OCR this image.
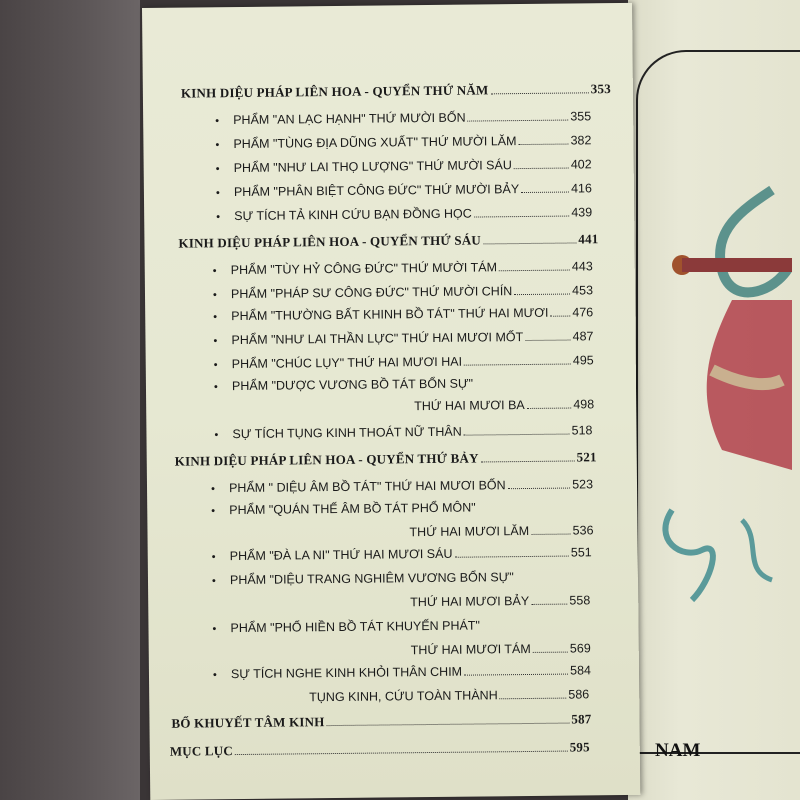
NAM
KINH DIỆU PHÁP LIÊN HOA - QUYỂN THỨ NĂM	353
•	PHẨM "AN LẠC HẠNH" THỨ MƯỜI BỐN	355
•	PHẨM "TÙNG ĐỊA DŨNG XUẤT" THỨ MƯỜI LĂM	382
•	PHẨM "NHƯ LAI THỌ LƯỢNG" THỨ MƯỜI SÁU	402
•	PHẨM "PHÂN BIỆT CÔNG ĐỨC" THỨ MƯỜI BẢY	416
•	SỰ TÍCH TẢ KINH CỨU BẠN ĐỒNG HỌC	439
KINH DIỆU PHÁP LIÊN HOA - QUYỂN THỨ SÁU	441
•	PHẨM "TÙY HỶ CÔNG ĐỨC" THỨ MƯỜI TÁM	443
•	PHẨM "PHÁP SƯ CÔNG ĐỨC" THỨ MƯỜI CHÍN	453
•	PHẨM "THƯỜNG BẤT KHINH BỒ TÁT" THỨ HAI MƯƠI 476
•	PHẨM "NHƯ LAI THẦN LỰC" THỨ HAI MƯƠI MỐT	487
•	PHẨM "CHÚC LỤY" THỨ HAI MƯƠI HAI	495
•	PHẨM "DƯỢC VƯƠNG BỒ TÁT BỔN SỰ"
THỨ HAI MƯƠI BA	498
•	SỰ TÍCH TỤNG KINH THOÁT NỮ THÂN	518
KINH DIỆU PHÁP LIÊN HOA - QUYỂN THỨ BẢY	521
•	PHẨM " DIỆU ÂM BỒ TÁT" THỨ HAI MƯƠI BỐN	523
•	PHẨM "QUÁN THẾ ÂM BỒ TÁT PHỔ MÔN"
THỨ HAI MƯƠI LĂM	536
•	PHẨM "ĐÀ LA NI" THỨ HAI MƯƠI SÁU	551
•	PHẨM "DIỆU TRANG NGHIÊM VƯƠNG BỔN SỰ"
THỨ HAI MƯƠI BẢY	558
•	PHẨM "PHỔ HIỀN BỒ TÁT KHUYẾN PHÁT"
THỨ HAI MƯƠI TÁM	569
•	SỰ TÍCH NGHE KINH KHỎI THÂN CHIM	584
TỤNG KINH, CỨU TOÀN THÀNH	586
BỔ KHUYẾT TÂM KINH	587
MỤC LỤC	595
